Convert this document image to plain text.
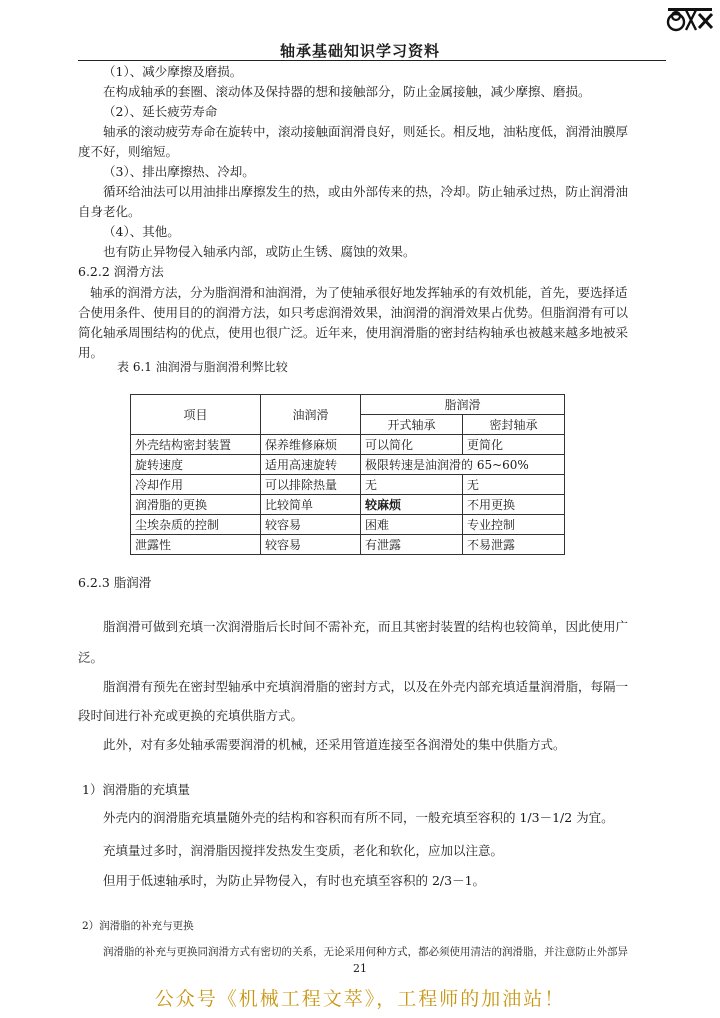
轴承基础知识学习资料
（1）、减少摩擦及磨损。
在构成轴承的套圈、滚动体及保持器的想和接触部分，防止金属接触，减少摩擦、磨损。
（2）、延长疲劳寿命
轴承的滚动疲劳寿命在旋转中，滚动接触面润滑良好，则延长。相反地，油粘度低，润滑油膜厚
度不好，则缩短。
（3）、排出摩擦热、冷却。
循环给油法可以用油排出摩擦发生的热，或由外部传来的热，冷却。防止轴承过热，防止润滑油
自身老化。
（4）、其他。
也有防止异物侵入轴承内部，或防止生锈、腐蚀的效果。
6.2.2 润滑方法
轴承的润滑方法，分为脂润滑和油润滑，为了使轴承很好地发挥轴承的有效机能，首先，要选择适
合使用条件、使用目的的润滑方法，如只考虑润滑效果，油润滑的润滑效果占优势。但脂润滑有可以
简化轴承周围结构的优点，使用也很广泛。近年来，使用润滑脂的密封结构轴承也被越来越多地被采
用。
表 6.1 油润滑与脂润滑利弊比较
项目	油润滑	脂润滑	
		开式轴承	密封轴承
外壳结构密封装置	保养维修麻烦	可以简化	更简化
旋转速度	适用高速旋转	极限转速是油润滑的 65~60%	
冷却作用	可以排除热量	无	无
润滑脂的更换	比较简单	较麻烦	不用更换
尘埃杂质的控制	较容易	困难	专业控制
泄露性	较容易	有泄露	不易泄露
6.2.3 脂润滑
脂润滑可做到充填一次润滑脂后长时间不需补充，而且其密封装置的结构也较简单，因此使用广
泛。
脂润滑有预先在密封型轴承中充填润滑脂的密封方式，以及在外壳内部充填适量润滑脂，每隔一
段时间进行补充或更换的充填供脂方式。
此外，对有多处轴承需要润滑的机械，还采用管道连接至各润滑处的集中供脂方式。
1）润滑脂的充填量
外壳内的润滑脂充填量随外壳的结构和容积而有所不同，一般充填至容积的 1/3－1/2 为宜。
充填量过多时，润滑脂因搅拌发热发生变质，老化和软化，应加以注意。
但用于低速轴承时，为防止异物侵入，有时也充填至容积的 2/3－1。
2）润滑脂的补充与更换
润滑脂的补充与更换同润滑方式有密切的关系，无论采用何种方式，都必须使用清洁的润滑脂，并注意防止外部异
21
公众号《机械工程文萃》，工程师的加油站！
